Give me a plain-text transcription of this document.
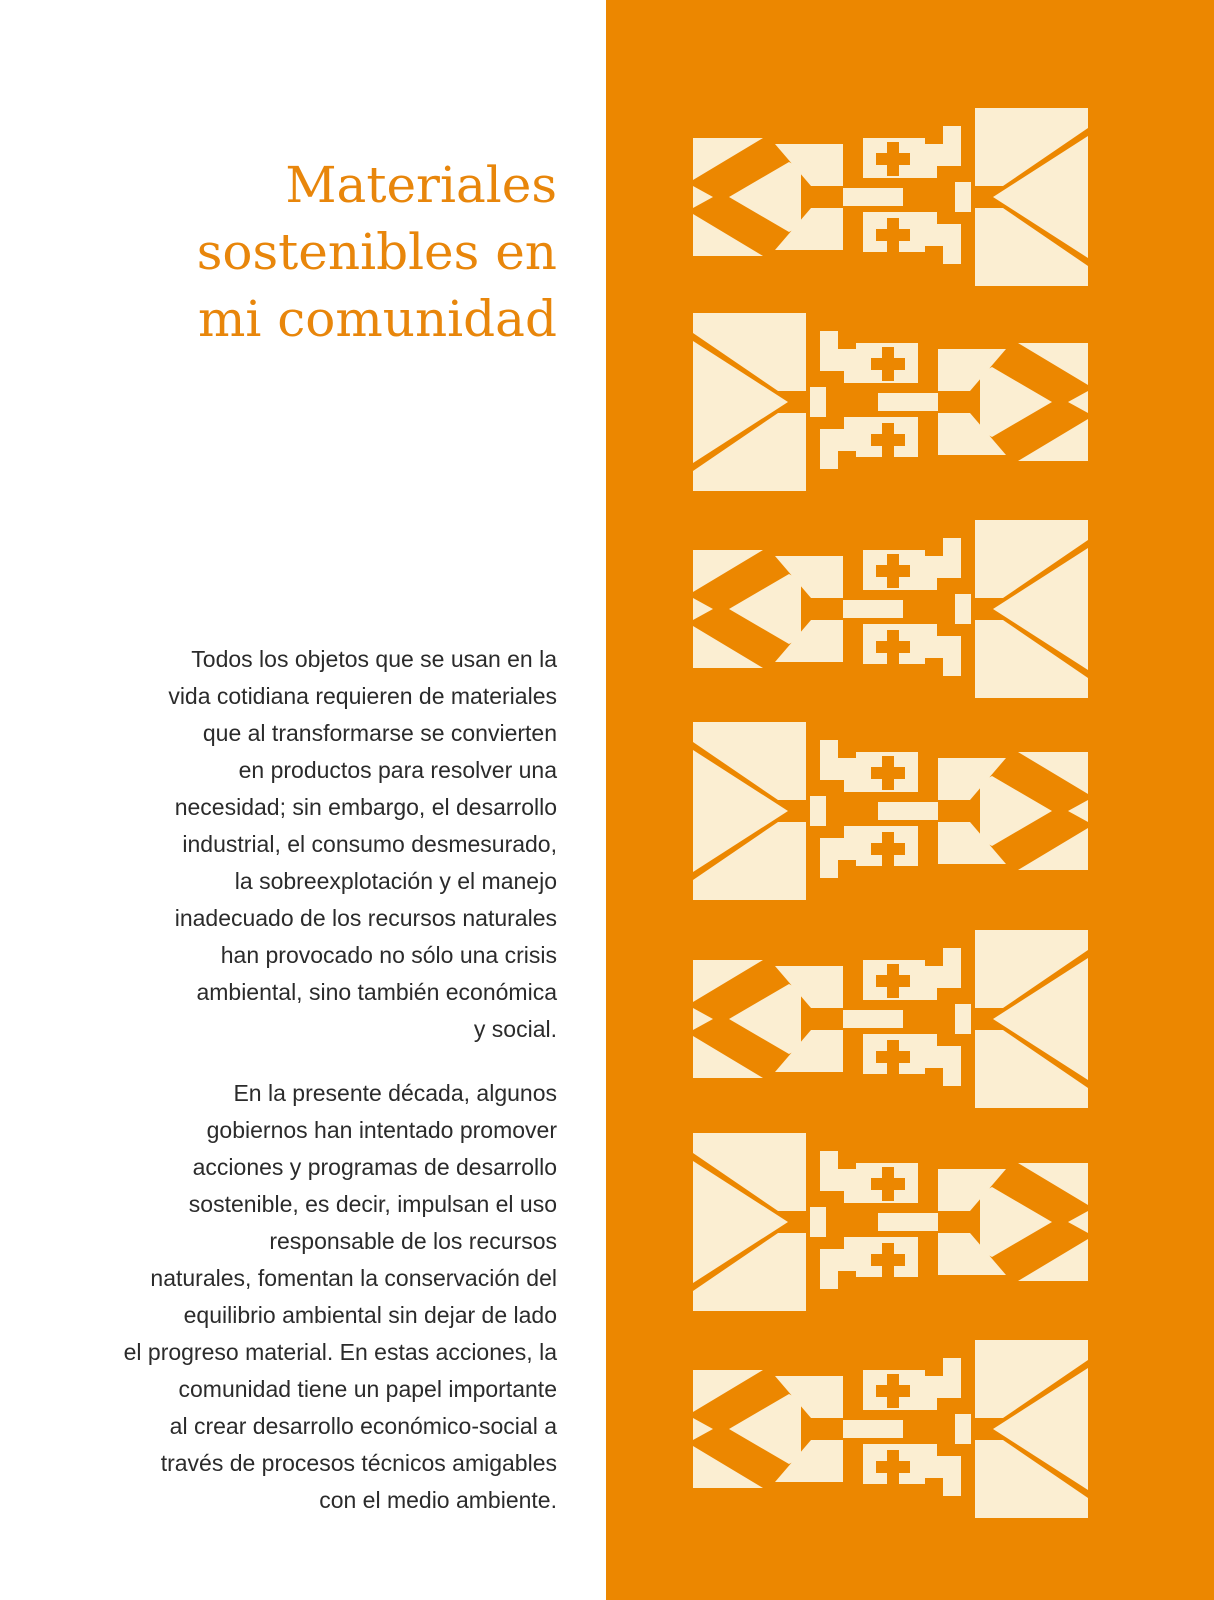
Materiales
sostenibles en
mi comunidad

Todos los objetos que se usan en la
vida cotidiana requieren de materiales
que al transformarse se convierten
en productos para resolver una
necesidad; sin embargo, el desarrollo
industrial, el consumo desmesurado,
la sobreexplotación y el manejo
inadecuado de los recursos naturales
han provocado no sólo una crisis
ambiental, sino también económica
y social.

En la presente década, algunos
gobiernos han intentado promover
acciones y programas de desarrollo
sostenible, es decir, impulsan el uso
responsable de los recursos
naturales, fomentan la conservación del
equilibrio ambiental sin dejar de lado
el progreso material. En estas acciones, la
comunidad tiene un papel importante
al crear desarrollo económico-social a
través de procesos técnicos amigables
con el medio ambiente.
